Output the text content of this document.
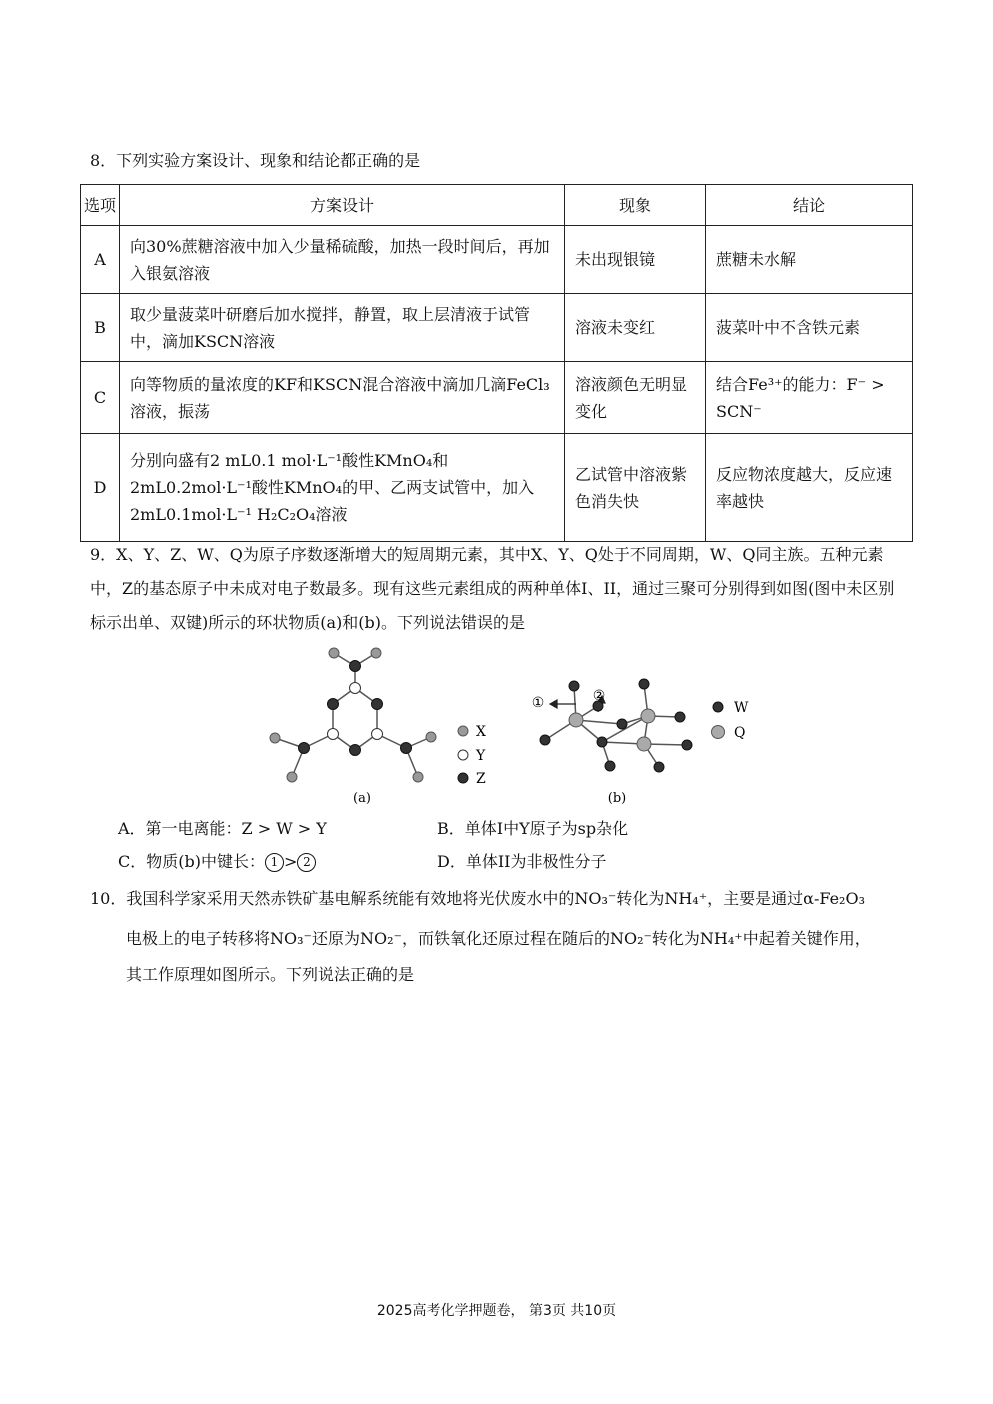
8．下列实验方案设计、现象和结论都正确的是
选项	方案设计	现象	结论
A	向30%蔗糖溶液中加入少量稀硫酸，加热一段时间后，再加入银氨溶液	未出现银镜	蔗糖未水解
B	取少量菠菜叶研磨后加水搅拌，静置，取上层清液于试管中，滴加KSCN溶液	溶液未变红	菠菜叶中不含铁元素
C	向等物质的量浓度的KF和KSCN混合溶液中滴加几滴FeCl₃溶液，振荡	溶液颜色无明显变化	结合Fe³⁺的能力：F⁻ > SCN⁻
D	分别向盛有2 mL0.1 mol·L⁻¹酸性KMnO₄和2mL0.2mol·L⁻¹酸性KMnO₄的甲、乙两支试管中，加入2mL0.1mol·L⁻¹ H₂C₂O₄溶液	乙试管中溶液紫色消失快	反应物浓度越大，反应速率越快
9．X、Y、Z、W、Q为原子序数逐渐增大的短周期元素，其中X、Y、Q处于不同周期，W、Q同主族。五种元素中，Z的基态原子中未成对电子数最多。现有这些元素组成的两种单体I、II，通过三聚可分别得到如图(图中未区别标示出单、双键)所示的环状物质(a)和(b)。下列说法错误的是
X
Y
Z
(a)
①	②
W
Q
(b)
A．第一电离能：Z > W > Y	B．单体I中Y原子为sp杂化
C．物质(b)中键长： 1 > 2	D．单体II为非极性分子
10．我国科学家采用天然赤铁矿基电解系统能有效地将光伏废水中的NO₃⁻转化为NH₄⁺，主要是通过α-Fe₂O₃
电极上的电子转移将NO₃⁻还原为NO₂⁻，而铁氧化还原过程在随后的NO₂⁻转化为NH₄⁺中起着关键作用，
其工作原理如图所示。下列说法正确的是
2025高考化学押题卷， 第3页 共10页
